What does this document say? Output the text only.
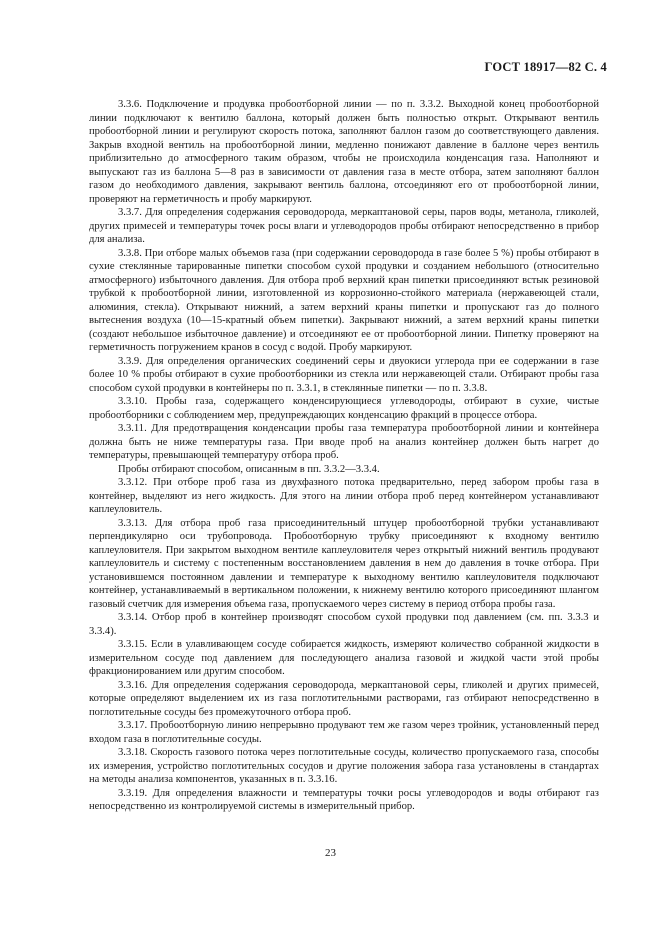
ГОСТ 18917—82 С. 4

3.3.6. Подключение и продувка пробоотборной линии — по п. 3.3.2. Выходной конец пробоотборной линии подключают к вентилю баллона, который должен быть полностью открыт. Открывают вентиль пробоотборной линии и регулируют скорость потока, заполняют баллон газом до соответствующего давления. Закрыв входной вентиль на пробоотборной линии, медленно понижают давление в баллоне через вентиль приблизительно до атмосферного таким образом, чтобы не происходила конденсация газа. Наполняют и выпускают газ из баллона 5—8 раз в зависимости от давления газа в месте отбора, затем заполняют баллон газом до необходимого давления, закрывают вентиль баллона, отсоединяют его от пробоотборной линии, проверяют на герметичность и пробу маркируют.

3.3.7. Для определения содержания сероводорода, меркаптановой серы, паров воды, метанола, гликолей, других примесей и температуры точек росы влаги и углеводородов пробы отбирают непосредственно в прибор для анализа.

3.3.8. При отборе малых объемов газа (при содержании сероводорода в газе более 5 %) пробы отбирают в сухие стеклянные тарированные пипетки способом сухой продувки и созданием небольшого (относительно атмосферного) избыточного давления. Для отбора проб верхний кран пипетки присоединяют встык резиновой трубкой к пробоотборной линии, изготовленной из коррозионно-стойкого материала (нержавеющей стали, алюминия, стекла). Открывают нижний, а затем верхний краны пипетки и пропускают газ до полного вытеснения воздуха (10—15-кратный объем пипетки). Закрывают нижний, а затем верхний краны пипетки (создают небольшое избыточное давление) и отсоединяют ее от пробоотборной линии. Пипетку проверяют на герметичность погружением кранов в сосуд с водой. Пробу маркируют.

3.3.9. Для определения органических соединений серы и двуокиси углерода при ее содержании в газе более 10 % пробы отбирают в сухие пробоотборники из стекла или нержавеющей стали. Отбирают пробы газа способом сухой продувки в контейнеры по п. 3.3.1, в стеклянные пипетки — по п. 3.3.8.

3.3.10. Пробы газа, содержащего конденсирующиеся углеводороды, отбирают в сухие, чистые пробоотборники с соблюдением мер, предупреждающих конденсацию фракций в процессе отбора.

3.3.11. Для предотвращения конденсации пробы газа температура пробоотборной линии и контейнера должна быть не ниже температуры газа. При вводе проб на анализ контейнер должен быть нагрет до температуры, превышающей температуру отбора проб.

Пробы отбирают способом, описанным в пп. 3.3.2—3.3.4.

3.3.12. При отборе проб газа из двухфазного потока предварительно, перед забором пробы газа в контейнер, выделяют из него жидкость. Для этого на линии отбора проб перед контейнером устанавливают каплеуловитель.

3.3.13. Для отбора проб газа присоединительный штуцер пробоотборной трубки устанавливают перпендикулярно оси трубопровода. Пробоотборную трубку присоединяют к входному вентилю каплеуловителя. При закрытом выходном вентиле каплеуловителя через открытый нижний вентиль продувают каплеуловитель и систему с постепенным восстановлением давления в нем до давления в точке отбора. При установившемся постоянном давлении и температуре к выходному вентилю каплеуловителя подключают контейнер, устанавливаемый в вертикальном положении, к нижнему вентилю которого присоединяют шлангом газовый счетчик для измерения объема газа, пропускаемого через систему в период отбора пробы газа.

3.3.14. Отбор проб в контейнер производят способом сухой продувки под давлением (см. пп. 3.3.3 и 3.3.4).

3.3.15. Если в улавливающем сосуде собирается жидкость, измеряют количество собранной жидкости в измерительном сосуде под давлением для последующего анализа газовой и жидкой части этой пробы фракционированием или другим способом.

3.3.16. Для определения содержания сероводорода, меркаптановой серы, гликолей и других примесей, которые определяют выделением их из газа поглотительными растворами, газ отбирают непосредственно в поглотительные сосуды без промежуточного отбора проб.

3.3.17. Пробоотборную линию непрерывно продувают тем же газом через тройник, установленный перед входом газа в поглотительные сосуды.

3.3.18. Скорость газового потока через поглотительные сосуды, количество пропускаемого газа, способы их измерения, устройство поглотительных сосудов и другие положения забора газа установлены в стандартах на методы анализа компонентов, указанных в п. 3.3.16.

3.3.19. Для определения влажности и температуры точки росы углеводородов и воды отбирают газ непосредственно из контролируемой системы в измерительный прибор.

23
